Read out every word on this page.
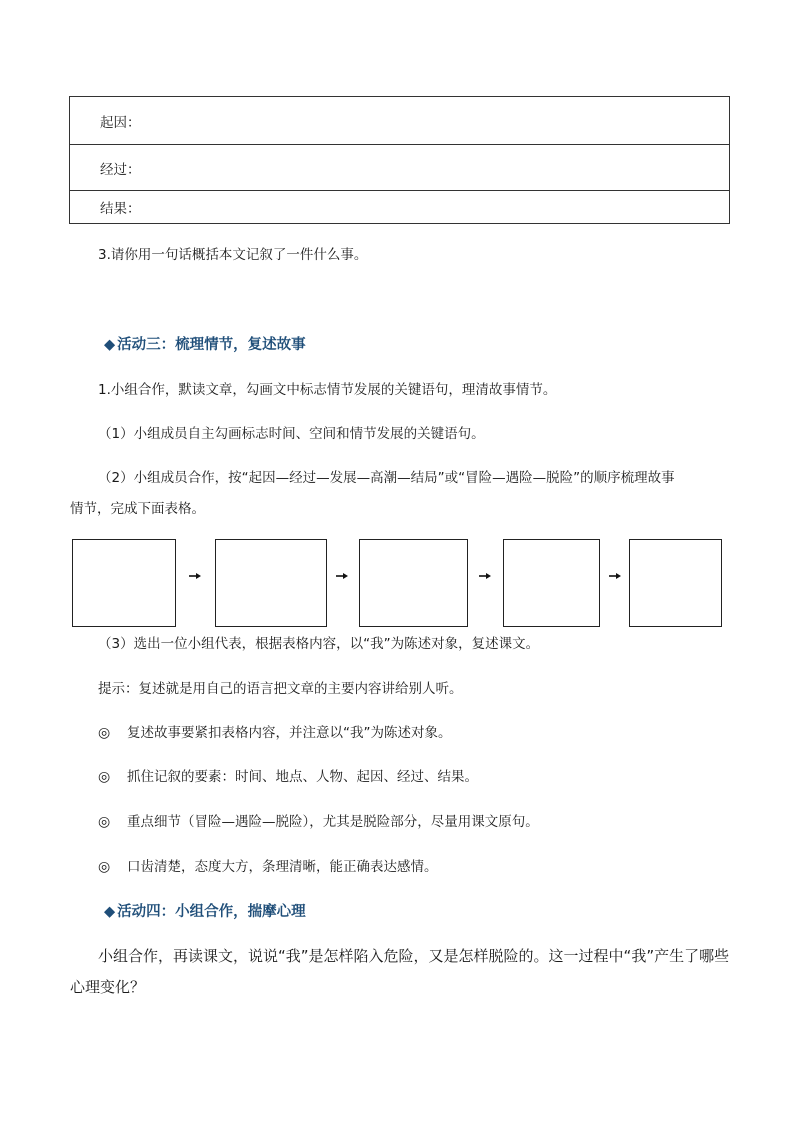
起因：
经过：
结果：
3.请你用一句话概括本文记叙了一件什么事。
◆ 活动三：梳理情节，复述故事
1.小组合作，默读文章，勾画文中标志情节发展的关键语句，理清故事情节。
（1）小组成员自主勾画标志时间、空间和情节发展的关键语句。
（2）小组成员合作，按“起因—经过—发展—高潮—结局”或“冒险—遇险—脱险”的顺序梳理故事
情节，完成下面表格。
（3）选出一位小组代表，根据表格内容，以“我”为陈述对象，复述课文。
提示：复述就是用自己的语言把文章的主要内容讲给别人听。
◎ 复述故事要紧扣表格内容，并注意以“我”为陈述对象。
◎ 抓住记叙的要素：时间、地点、人物、起因、经过、结果。
◎ 重点细节（冒险—遇险—脱险），尤其是脱险部分，尽量用课文原句。
◎ 口齿清楚，态度大方，条理清晰，能正确表达感情。
◆ 活动四：小组合作，揣摩心理
小组合作，再读课文，说说“我”是怎样陷入危险，又是怎样脱险的。这一过程中“我”产生了哪些
心理变化？
